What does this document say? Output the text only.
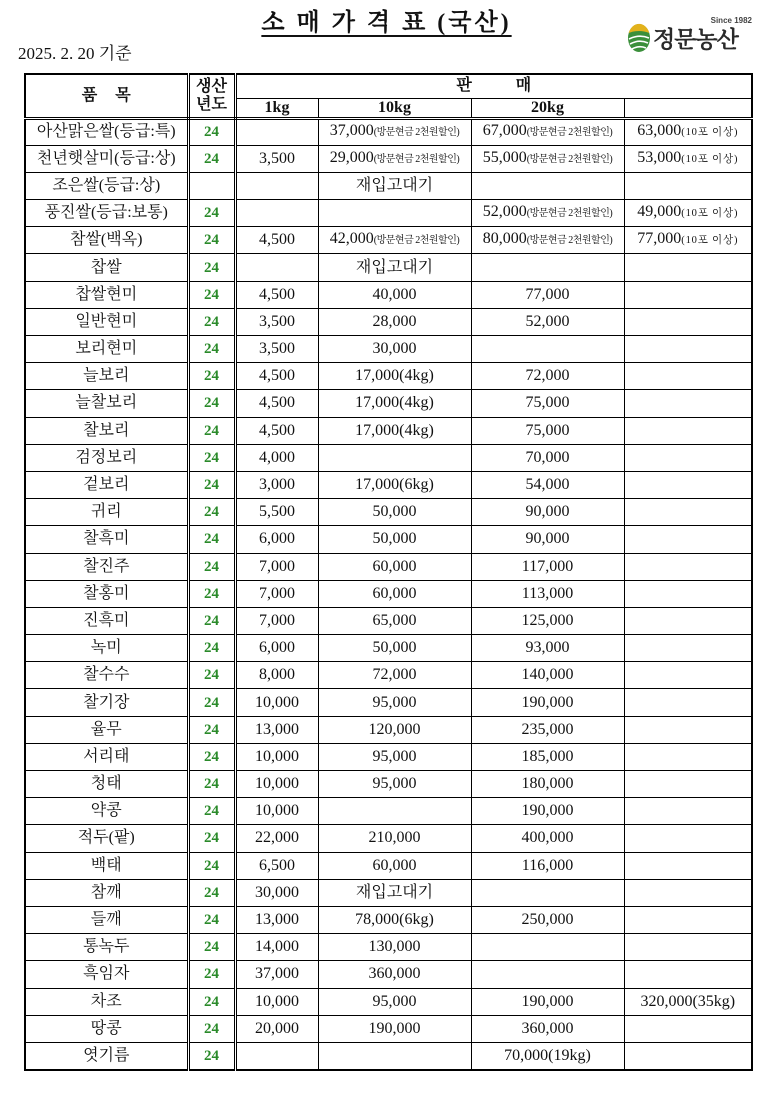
소 매 가 격 표 (국산)
2025. 2. 20 기준
Since 1982
정문농산
품 목	생산
년도	판 매			
		1kg	10kg	20kg	
아산맑은쌀(등급:특)	24		37,000(방문현금 2천원할인)	67,000(방문현금 2천원할인)	63,000(10포 이상)
천년햇살미(등급:상)	24	3,500	29,000(방문현금 2천원할인)	55,000(방문현금 2천원할인)	53,000(10포 이상)
조은쌀(등급:상)			재입고대기		
풍진쌀(등급:보통)	24			52,000(방문현금 2천원할인)	49,000(10포 이상)
참쌀(백옥)	24	4,500	42,000(방문현금 2천원할인)	80,000(방문현금 2천원할인)	77,000(10포 이상)
찹쌀	24		재입고대기		
찹쌀현미	24	4,500	40,000	77,000	
일반현미	24	3,500	28,000	52,000	
보리현미	24	3,500	30,000		
늘보리	24	4,500	17,000(4kg)	72,000	
늘찰보리	24	4,500	17,000(4kg)	75,000	
찰보리	24	4,500	17,000(4kg)	75,000	
검정보리	24	4,000		70,000	
겉보리	24	3,000	17,000(6kg)	54,000	
귀리	24	5,500	50,000	90,000	
찰흑미	24	6,000	50,000	90,000	
찰진주	24	7,000	60,000	117,000	
찰홍미	24	7,000	60,000	113,000	
진흑미	24	7,000	65,000	125,000	
녹미	24	6,000	50,000	93,000	
찰수수	24	8,000	72,000	140,000	
찰기장	24	10,000	95,000	190,000	
율무	24	13,000	120,000	235,000	
서리태	24	10,000	95,000	185,000	
청태	24	10,000	95,000	180,000	
약콩	24	10,000		190,000	
적두(팥)	24	22,000	210,000	400,000	
백태	24	6,500	60,000	116,000	
참깨	24	30,000	재입고대기		
들깨	24	13,000	78,000(6kg)	250,000	
통녹두	24	14,000	130,000		
흑임자	24	37,000	360,000		
차조	24	10,000	95,000	190,000	320,000(35kg)
땅콩	24	20,000	190,000	360,000	
엿기름	24			70,000(19kg)	
